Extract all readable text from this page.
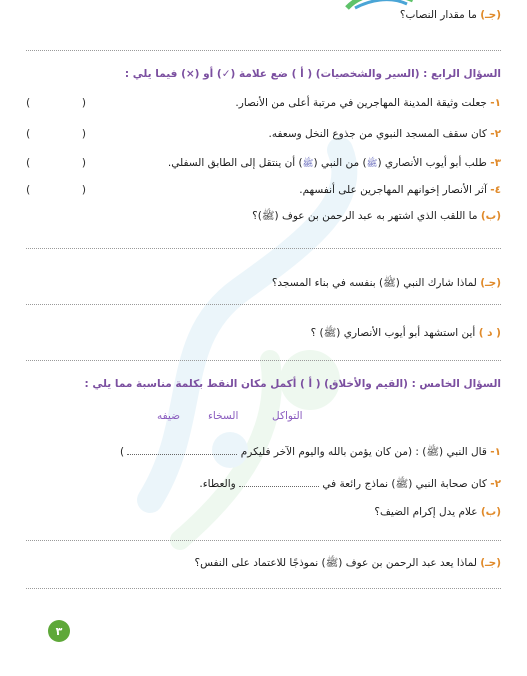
(جـ) ما مقدار النصاب؟
السؤال الرابع : (السير والشخصيات) ( أ ) ضع علامة (✓) أو (×) فيما يلي :
١- جعلت وثيقة المدينة المهاجرين في مرتبة أعلى من الأنصار.
(	)
٢- كان سقف المسجد النبوي من جذوع النخل وسعفه.
(	)
٣- طلب أبو أيوب الأنصاري (ﷺ) من النبي (ﷺ) أن ينتقل إلى الطابق السفلي.
(	)
٤- آثر الأنصار إخوانهم المهاجرين على أنفسهم.
(	)
(ب) ما اللقب الذي اشتهر به عبد الرحمن بن عوف (ﷺ)؟
(جـ) لماذا شارك النبي (ﷺ) بنفسه في بناء المسجد؟
( د ) أين استشهد أبو أيوب الأنصاري (ﷺ) ؟
السؤال الخامس : (القيم والأخلاق) ( أ ) أكمل مكان النقط بكلمة مناسبة مما يلي :
التواكل
السخاء
ضيفه
١- قال النبي (ﷺ) : (من كان يؤمن بالله واليوم الآخر فليكرم  )
٢- كان صحابة النبي (ﷺ) نماذج رائعة في  والعطاء.
(ب) علام يدل إكرام الضيف؟
(جـ) لماذا يعد عبد الرحمن بن عوف (ﷺ) نموذجًا للاعتماد على النفس؟
٣
